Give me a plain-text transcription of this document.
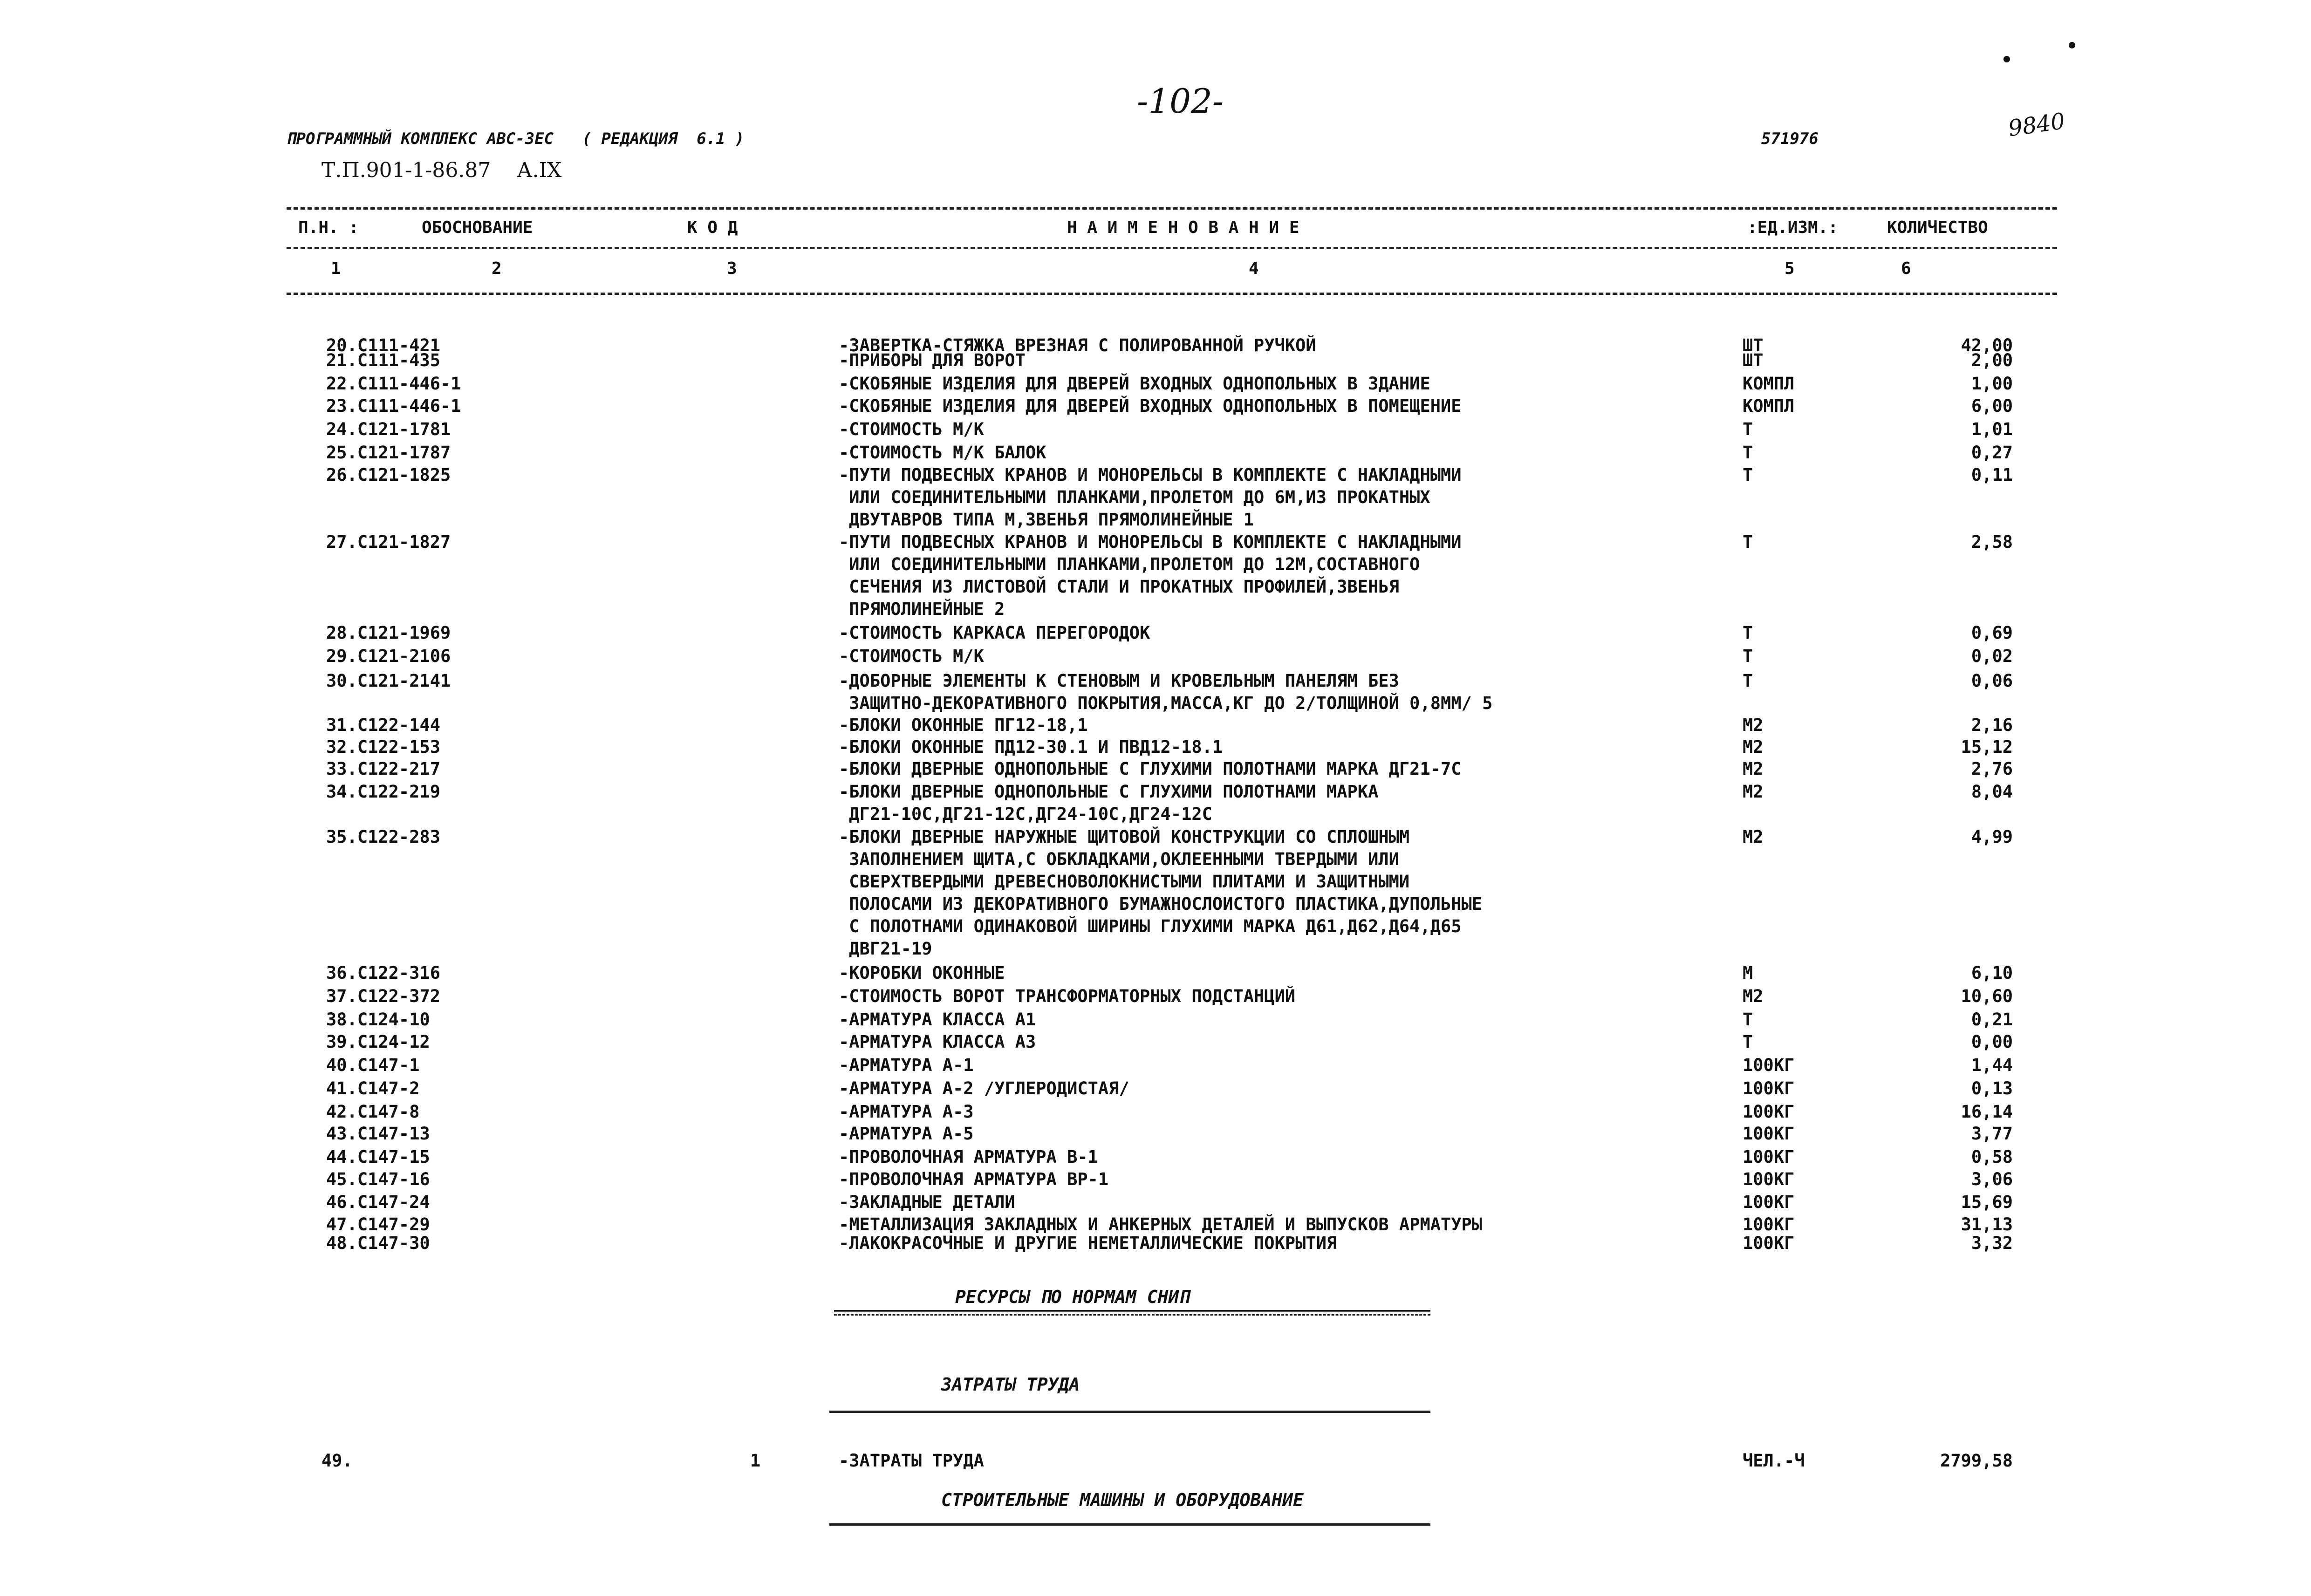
-102-
9840
ПРОГРАММНЫЙ КОМПЛЕКС АВС-3ЕС   ( РЕДАКЦИЯ  6.1 )	571976
Т.П.901-1-86.87    А.IX
П.Н. :	ОБОСНОВАНИЕ	К О Д	Н А И М Е Н О В А Н И Е	:ЕД.ИЗМ.:	КОЛИЧЕСТВО
1	2	3	4	5	6
20.С111-421	-ЗАВЕРТКА-СТЯЖКА ВРЕЗНАЯ С ПОЛИРОВАННОЙ РУЧКОЙ	ШТ	42,00
21.С111-435	-ПРИБОРЫ ДЛЯ ВОРОТ	ШТ	2,00
22.С111-446-1	-СКОБЯНЫЕ ИЗДЕЛИЯ ДЛЯ ДВЕРЕЙ ВХОДНЫХ ОДНОПОЛЬНЫХ В ЗДАНИЕ	КОМПЛ	1,00
23.С111-446-1	-СКОБЯНЫЕ ИЗДЕЛИЯ ДЛЯ ДВЕРЕЙ ВХОДНЫХ ОДНОПОЛЬНЫХ В ПОМЕЩЕНИЕ	КОМПЛ	6,00
24.С121-1781	-СТОИМОСТЬ М/К	Т	1,01
25.С121-1787	-СТОИМОСТЬ М/К БАЛОК	Т	0,27
26.С121-1825	-ПУТИ ПОДВЕСНЫХ КРАНОВ И МОНОРЕЛЬСЫ В КОМПЛЕКТЕ С НАКЛАДНЫМИ
ИЛИ СОЕДИНИТЕЛЬНЫМИ ПЛАНКАМИ,ПРОЛЕТОМ ДО 6М,ИЗ ПРОКАТНЫХ
ДВУТАВРОВ ТИПА М,ЗВЕНЬЯ ПРЯМОЛИНЕЙНЫЕ 1
Т	0,11
27.С121-1827	-ПУТИ ПОДВЕСНЫХ КРАНОВ И МОНОРЕЛЬСЫ В КОМПЛЕКТЕ С НАКЛАДНЫМИ
ИЛИ СОЕДИНИТЕЛЬНЫМИ ПЛАНКАМИ,ПРОЛЕТОМ ДО 12М,СОСТАВНОГО
СЕЧЕНИЯ ИЗ ЛИСТОВОЙ СТАЛИ И ПРОКАТНЫХ ПРОФИЛЕЙ,ЗВЕНЬЯ
ПРЯМОЛИНЕЙНЫЕ 2
Т	2,58
28.С121-1969	-СТОИМОСТЬ КАРКАСА ПЕРЕГОРОДОК	Т	0,69
29.С121-2106	-СТОИМОСТЬ М/К	Т	0,02
30.С121-2141	-ДОБОРНЫЕ ЭЛЕМЕНТЫ К СТЕНОВЫМ И КРОВЕЛЬНЫМ ПАНЕЛЯМ БЕЗ
ЗАЩИТНО-ДЕКОРАТИВНОГО ПОКРЫТИЯ,МАССА,КГ ДО 2/ТОЛЩИНОЙ 0,8ММ/ 5
Т	0,06
31.С122-144	-БЛОКИ ОКОННЫЕ ПГ12-18,1	М2	2,16
32.С122-153	-БЛОКИ ОКОННЫЕ ПД12-30.1 И ПВД12-18.1	М2	15,12
33.С122-217	-БЛОКИ ДВЕРНЫЕ ОДНОПОЛЬНЫЕ С ГЛУХИМИ ПОЛОТНАМИ МАРКА ДГ21-7С	М2	2,76
34.С122-219	-БЛОКИ ДВЕРНЫЕ ОДНОПОЛЬНЫЕ С ГЛУХИМИ ПОЛОТНАМИ МАРКА
ДГ21-10С,ДГ21-12С,ДГ24-10С,ДГ24-12С
М2	8,04
35.С122-283	-БЛОКИ ДВЕРНЫЕ НАРУЖНЫЕ ЩИТОВОЙ КОНСТРУКЦИИ СО СПЛОШНЫМ
ЗАПОЛНЕНИЕМ ЩИТА,С ОБКЛАДКАМИ,ОКЛЕЕННЫМИ ТВЕРДЫМИ ИЛИ
СВЕРХТВЕРДЫМИ ДРЕВЕСНОВОЛОКНИСТЫМИ ПЛИТАМИ И ЗАЩИТНЫМИ
ПОЛОСАМИ ИЗ ДЕКОРАТИВНОГО БУМАЖНОСЛОИСТОГО ПЛАСТИКА,ДУПОЛЬНЫЕ
С ПОЛОТНАМИ ОДИНАКОВОЙ ШИРИНЫ ГЛУХИМИ МАРКА Д61,Д62,Д64,Д65
ДВГ21-19
М2	4,99
36.С122-316	-КОРОБКИ ОКОННЫЕ	М	6,10
37.С122-372	-СТОИМОСТЬ ВОРОТ ТРАНСФОРМАТОРНЫХ ПОДСТАНЦИЙ	М2	10,60
38.С124-10	-АРМАТУРА КЛАССА А1	Т	0,21
39.С124-12	-АРМАТУРА КЛАССА А3	Т	0,00
40.С147-1	-АРМАТУРА А-1	100КГ	1,44
41.С147-2	-АРМАТУРА А-2 /УГЛЕРОДИСТАЯ/	100КГ	0,13
42.С147-8	-АРМАТУРА А-3	100КГ	16,14
43.С147-13	-АРМАТУРА А-5	100КГ	3,77
44.С147-15	-ПРОВОЛОЧНАЯ АРМАТУРА В-1	100КГ	0,58
45.С147-16	-ПРОВОЛОЧНАЯ АРМАТУРА ВР-1	100КГ	3,06
46.С147-24	-ЗАКЛАДНЫЕ ДЕТАЛИ	100КГ	15,69
47.С147-29	-МЕТАЛЛИЗАЦИЯ ЗАКЛАДНЫХ И АНКЕРНЫХ ДЕТАЛЕЙ И ВЫПУСКОВ АРМАТУРЫ	100КГ	31,13
48.С147-30	-ЛАКОКРАСОЧНЫЕ И ДРУГИЕ НЕМЕТАЛЛИЧЕСКИЕ ПОКРЫТИЯ	100КГ	3,32
РЕСУРСЫ ПО НОРМАМ СНИП
ЗАТРАТЫ ТРУДА
49.	1	-ЗАТРАТЫ ТРУДА	ЧЕЛ.-Ч	2799,58
СТРОИТЕЛЬНЫЕ МАШИНЫ И ОБОРУДОВАНИЕ
